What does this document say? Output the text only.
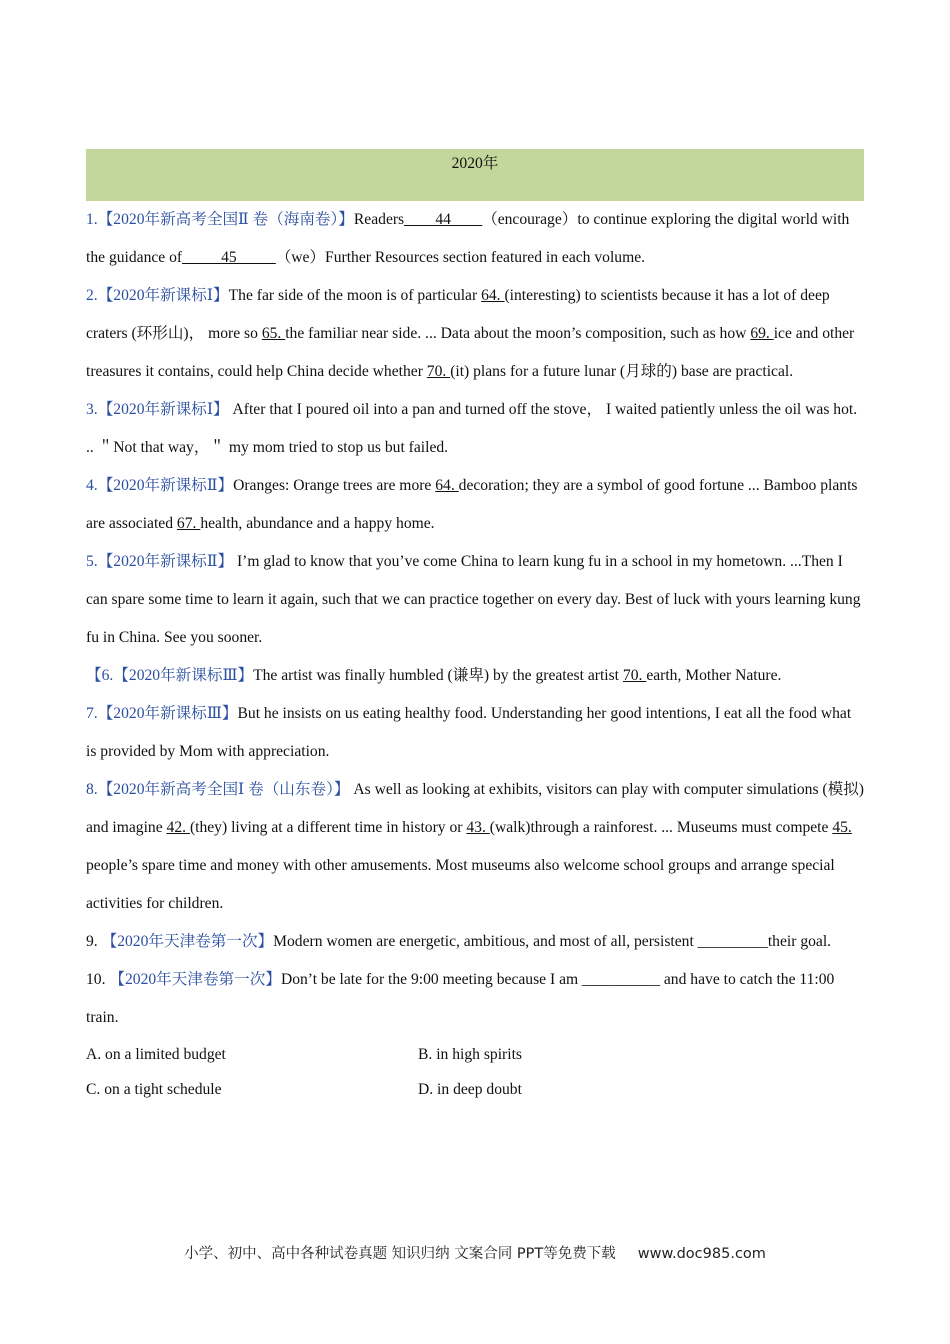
2020年
1.【2020年新高考全国Ⅱ 卷（海南卷）】Readers____44____（encourage）to continue exploring the digital world with the guidance of_____45_____（we）Further Resources section featured in each volume.
2.【2020年新课标Ⅰ】The far side of the moon is of particular 64. (interesting) to scientists because it has a lot of deep craters (环形山)， more so 65. the familiar near side. ... Data about the moon’s composition, such as how 69. ice and other treasures it contains, could help China decide whether 70. (it) plans for a future lunar (月球的) base are practical.
3.【2020年新课标Ⅰ】 After that I poured oil into a pan and turned off the stove， I waited patiently unless the oil was hot. .. ＂Not that way，＂ my mom tried to stop us but failed.
4.【2020年新课标Ⅱ】Oranges: Orange trees are more 64. decoration; they are a symbol of good fortune ... Bamboo plants are associated 67. health, abundance and a happy home.
5.【2020年新课标Ⅱ】 I’m glad to know that you’ve come China to learn kung fu in a school in my hometown. ...Then I can spare some time to learn it again, such that we can practice together on every day. Best of luck with yours learning kung fu in China. See you sooner.
【6.【2020年新课标Ⅲ】The artist was finally humbled (谦卑) by the greatest artist 70. earth, Mother Nature.
7.【2020年新课标Ⅲ】But he insists on us eating healthy food. Understanding her good intentions, I eat all the food what is provided by Mom with appreciation.
8.【2020年新高考全国Ⅰ 卷（山东卷）】 As well as looking at exhibits, visitors can play with computer simulations (模拟) and imagine 42. (they) living at a different time in history or 43. (walk)through a rainforest. ... Museums must compete 45. people’s spare time and money with other amusements. Most museums also welcome school groups and arrange special activities for children.
9. 【2020年天津卷第一次】Modern women are energetic, ambitious, and most of all, persistent _________their goal.
10. 【2020年天津卷第一次】Don’t be late for the 9:00 meeting because I am __________ and have to catch the 11:00 train.
A. on a limited budget	B. in high spirits
C. on a tight schedule	D. in deep doubt
小学、初中、高中各种试卷真题 知识归纳 文案合同 PPT等免费下载 www.doc985.com
